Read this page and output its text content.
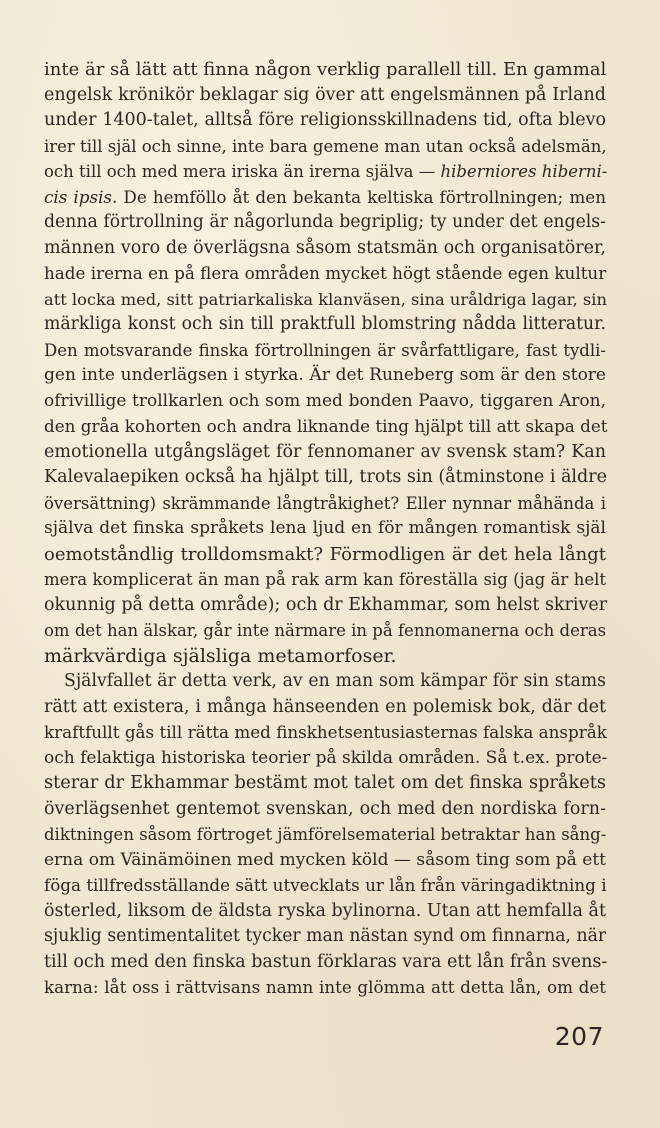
inte är så lätt att finna någon verklig parallell till. En gammal
engelsk krönikör beklagar sig över att engelsmännen på Irland
under 1400-talet, alltså före religionsskillnadens tid, ofta blevo
irer till själ och sinne, inte bara gemene man utan också adelsmän,
och till och med mera iriska än irerna själva — hiberniores hiberni-
cis ipsis. De hemföllo åt den bekanta keltiska förtrollningen; men
denna förtrollning är någorlunda begriplig; ty under det engels-
männen voro de överlägsna såsom statsmän och organisatörer,
hade irerna en på flera områden mycket högt stående egen kultur
att locka med, sitt patriarkaliska klanväsen, sina uråldriga lagar, sin
märkliga konst och sin till praktfull blomstring nådda litteratur.
Den motsvarande finska förtrollningen är svårfattligare, fast tydli-
gen inte underlägsen i styrka. Är det Runeberg som är den store
ofrivillige trollkarlen och som med bonden Paavo, tiggaren Aron,
den gråa kohorten och andra liknande ting hjälpt till att skapa det
emotionella utgångsläget för fennomaner av svensk stam? Kan
Kalevalaepiken också ha hjälpt till, trots sin (åtminstone i äldre
översättning) skrämmande långtråkighet? Eller nynnar måhända i
själva det finska språkets lena ljud en för mången romantisk själ
oemotståndlig trolldomsmakt? Förmodligen är det hela långt
mera komplicerat än man på rak arm kan föreställa sig (jag är helt
okunnig på detta område); och dr Ekhammar, som helst skriver
om det han älskar, går inte närmare in på fennomanerna och deras
märkvärdiga själsliga metamorfoser.
Självfallet är detta verk, av en man som kämpar för sin stams
rätt att existera, i många hänseenden en polemisk bok, där det
kraftfullt gås till rätta med finskhetsentusiasternas falska anspråk
och felaktiga historiska teorier på skilda områden. Så t.ex. prote-
sterar dr Ekhammar bestämt mot talet om det finska språkets
överlägsenhet gentemot svenskan, och med den nordiska forn-
diktningen såsom förtroget jämförelsematerial betraktar han sång-
erna om Väinämöinen med mycken köld — såsom ting som på ett
föga tillfredsställande sätt utvecklats ur lån från väringadiktning i
österled, liksom de äldsta ryska bylinorna. Utan att hemfalla åt
sjuklig sentimentalitet tycker man nästan synd om finnarna, när
till och med den finska bastun förklaras vara ett lån från svens-
karna: låt oss i rättvisans namn inte glömma att detta lån, om det
207
